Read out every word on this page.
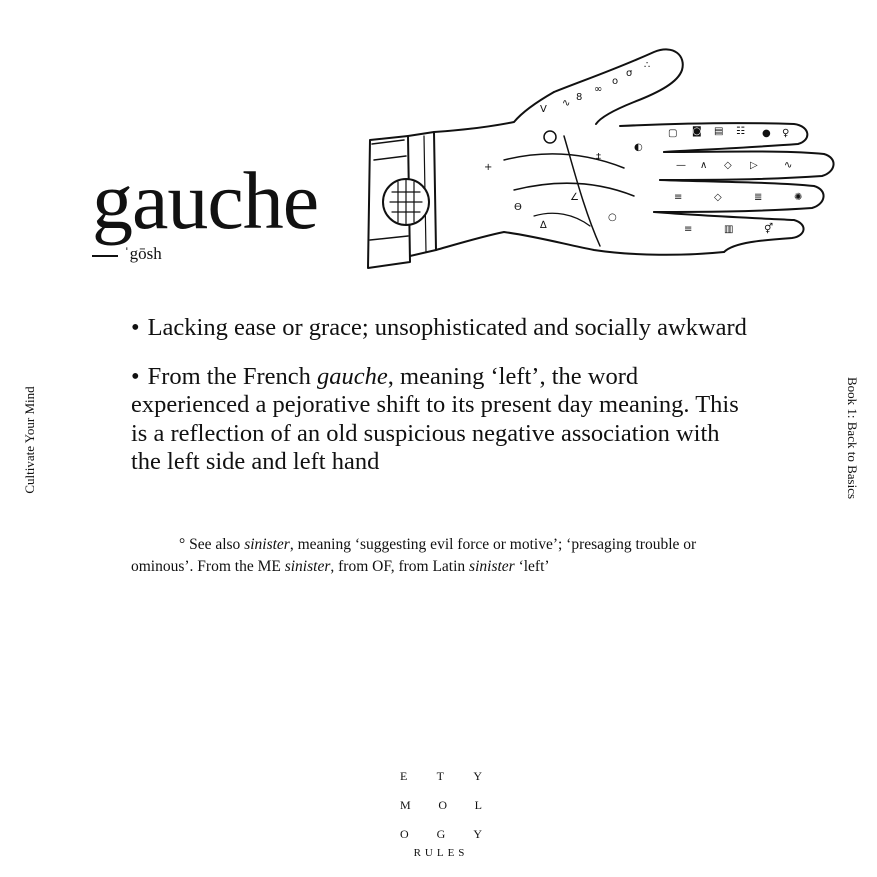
gauche
ˈgōsh
V
∿
8
∞
o
σ
∴
▢ ◙ ▤ ☷ ● ♀
— ∧ ◇ ▷	∿
≡	◇	≣	✺
≡	▥	⚥
+
Ѳ
∆
∠
‡
○
◐

• Lacking ease or grace; unsophisticated and socially awkward

• From the French gauche, meaning ‘left’, the word experienced a pejorative shift to its present day meaning. This is a reflection of an old suspicious negative association with the left side and left hand

° See also sinister, meaning ‘suggesting evil force or motive’; ‘presaging trouble or ominous’. From the ME sinister, from OF, from Latin sinister ‘left’

Cultivate Your Mind	Book 1: Back to Basics
E T Y
M O L
O G Y
RULES
